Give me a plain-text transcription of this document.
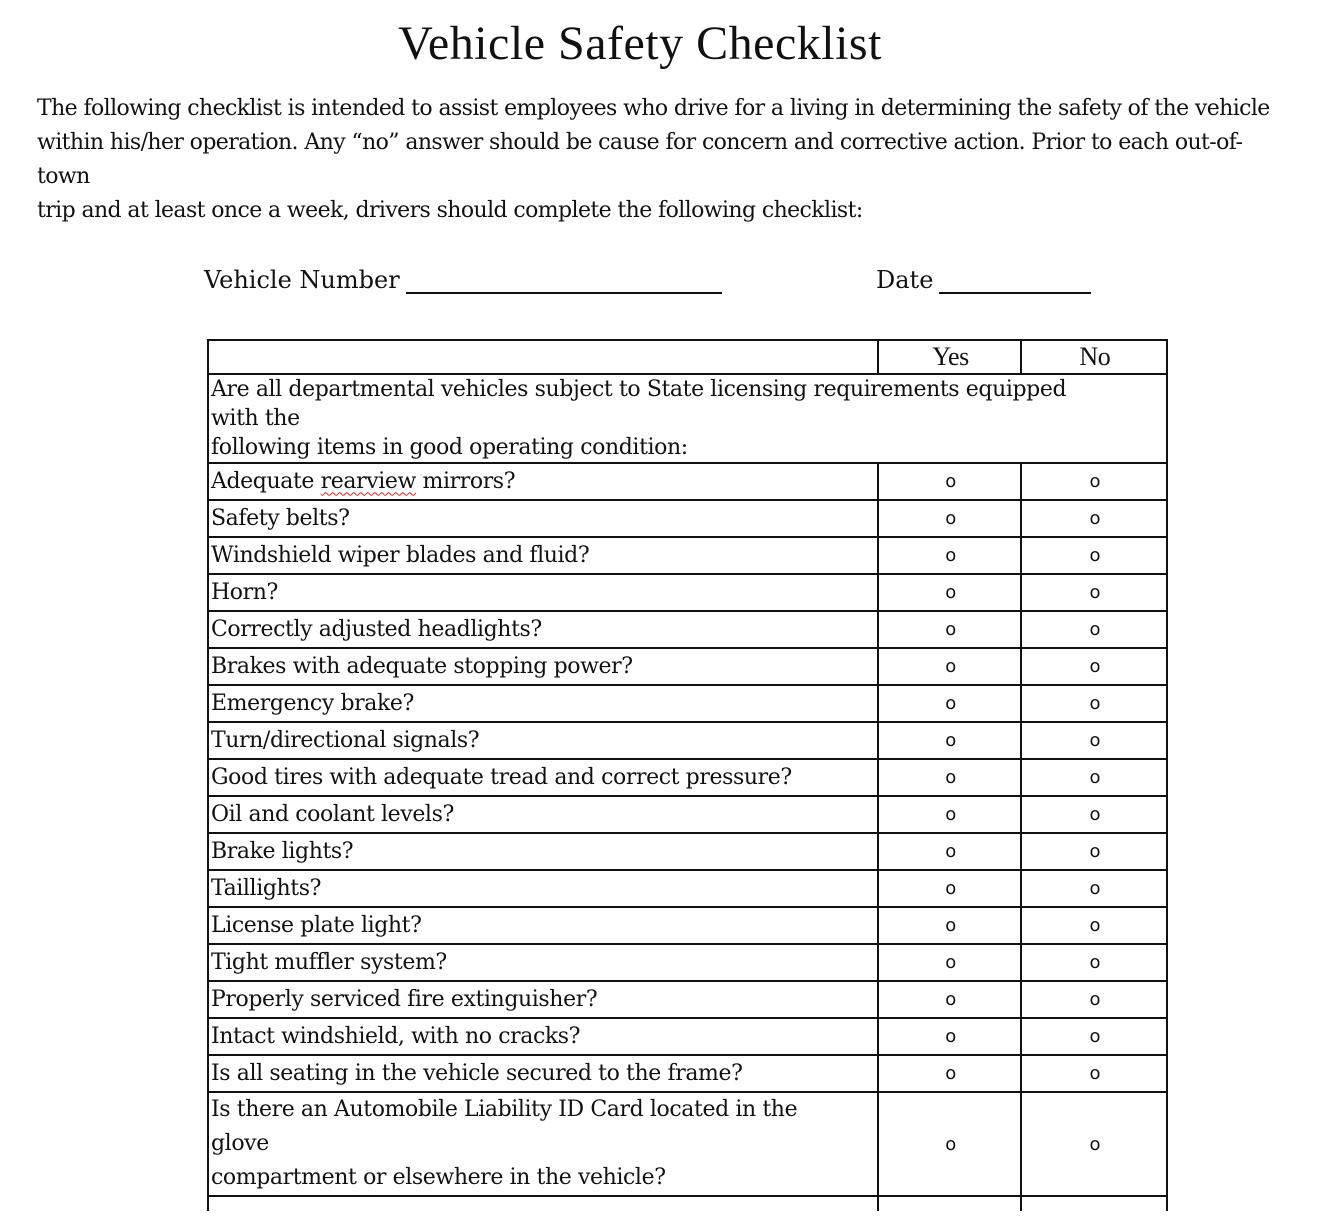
Vehicle Safety Checklist
The following checklist is intended to assist employees who drive for a living in determining the safety of the vehicle
within his/her operation. Any “no” answer should be cause for concern and corrective action. Prior to each out-of-
town
trip and at least once a week, drivers should complete the following checklist:
Vehicle Number	Date
	Yes	No

Are all departmental vehicles subject to State licensing requirements equipped
with the
following items in good operating condition:		

Adequate rearview mirrors?	o	o
Safety belts?	o	o
Windshield wiper blades and fluid?	o	o
Horn?	o	o
Correctly adjusted headlights?	o	o
Brakes with adequate stopping power?	o	o
Emergency brake?	o	o
Turn/directional signals?	o	o
Good tires with adequate tread and correct pressure?	o	o
Oil and coolant levels?	o	o
Brake lights?	o	o
Taillights?	o	o
License plate light?	o	o
Tight muffler system?	o	o
Properly serviced fire extinguisher?	o	o
Intact windshield, with no cracks?	o	o
Is all seating in the vehicle secured to the frame?	o	o

Is there an Automobile Liability ID Card located in the
glove
compartment or elsewhere in the vehicle?	o	o
